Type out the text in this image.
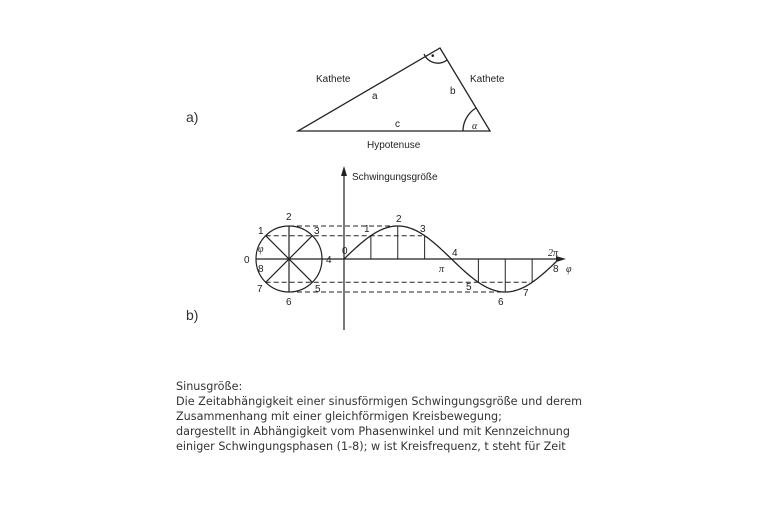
a)
Kathete	Kathete
a	b
c
Hypotenuse
α
•
b)
Schwingungsgröße
φ
0
1
2
3
4
5
6
7
8
φ	0
1
2
3
4
5
6
7
8
π
2π
Sinusgröße:
Die Zeitabhängigkeit einer sinusförmigen Schwingungsgröße und derem
Zusammenhang mit einer gleichförmigen Kreisbewegung;
dargestellt in Abhängigkeit vom Phasenwinkel und mit Kennzeichnung
einiger Schwingungsphasen (1-8); w ist Kreisfrequenz, t steht für Zeit
